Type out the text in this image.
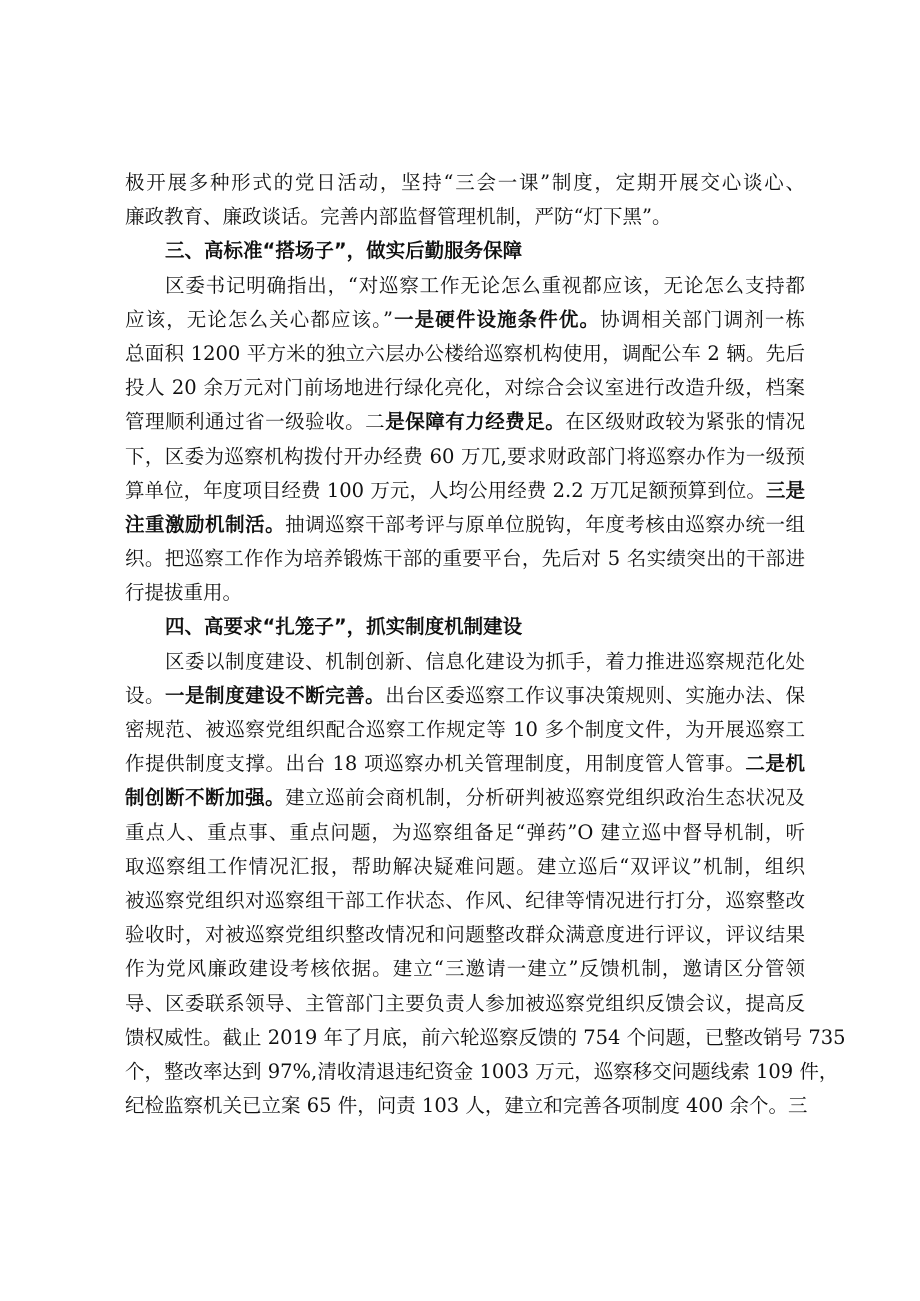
极开展多种形式的党日活动，坚持“三会一课”制度，定期开展交心谈心、
廉政教育、廉政谈话。完善内部监督管理机制，严防“灯下黑”。
三、高标准“搭场子”，做实后勤服务保障
区委书记明确指出，“对巡察工作无论怎么重视都应该，无论怎么支持都
应该，无论怎么关心都应该。”一是硬件设施条件优。协调相关部门调剂一栋
总面积 1200 平方米的独立六层办公楼给巡察机构使用，调配公车 2 辆。先后
投人 20 余万元对门前场地进行绿化亮化，对综合会议室进行改造升级，档案
管理顺利通过省一级验收。二是保障有力经费足。在区级财政较为紧张的情况
下，区委为巡察机构拨付开办经费 60 万兀,要求财政部门将巡察办作为一级预
算单位，年度项目经费 100 万元，人均公用经费 2.2 万兀足额预算到位。三是
注重激励机制活。抽调巡察干部考评与原单位脱钩，年度考核由巡察办统一组
织。把巡察工作作为培养锻炼干部的重要平台，先后对 5 名实绩突出的干部进
行提拔重用。
四、高要求“扎笼子”，抓实制度机制建设
区委以制度建设、机制创新、信息化建设为抓手，着力推进巡察规范化处
设。一是制度建设不断完善。出台区委巡察工作议事决策规则、实施办法、保
密规范、被巡察党组织配合巡察工作规定等 10 多个制度文件，为开展巡察工
作提供制度支撑。出台 18 项巡察办机关管理制度，用制度管人管事。二是机
制创断不断加强。建立巡前会商机制，分析研判被巡察党组织政治生态状况及
重点人、重点事、重点问题，为巡察组备足“弹药”O 建立巡中督导机制，听
取巡察组工作情况汇报，帮助解决疑难问题。建立巡后“双评议”机制，组织
被巡察党组织对巡察组干部工作状态、作风、纪律等情况进行打分，巡察整改
验收时，对被巡察党组织整改情况和问题整改群众满意度进行评议，评议结果
作为党风廉政建设考核依据。建立“三邀请一建立”反馈机制，邀请区分管领
导、区委联系领导、主管部门主要负责人参加被巡察党组织反馈会议，提高反
馈权威性。截止 2019 年了月底，前六轮巡察反馈的 754 个问题，已整改销号 735
个，整改率达到 97%,清收清退违纪资金 1003 万元，巡察移交问题线索 109 件，
纪检监察机关已立案 65 件，问责 103 人，建立和完善各项制度 400 余个。三
